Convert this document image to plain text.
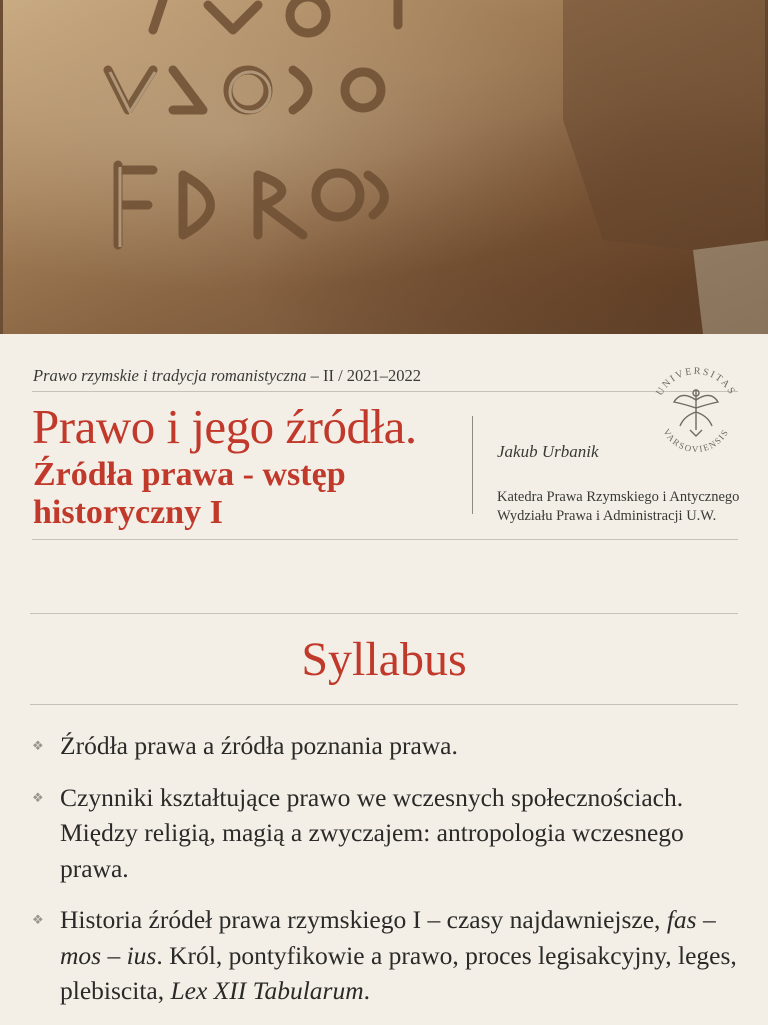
Prawo rzymskie i tradycja romanistyczna – II / 2021–2022
Prawo i jego źródła.
Źródła prawa - wstęp historyczny I
Jakub Urbanik
Katedra Prawa Rzymskiego i Antycznego
Wydziału Prawa i Administracji U.W.
UNIVERSITAS
VARSOVIENSIS
Syllabus
❖ Źródła prawa a źródła poznania prawa.
❖ Czynniki kształtujące prawo we wczesnych społecznościach. Między religią, magią a zwyczajem: antropologia wczesnego prawa.
❖ Historia źródeł prawa rzymskiego I – czasy najdawniejsze, fas – mos – ius. Król, pontyfikowie a prawo, proces legisakcyjny, leges, plebiscita, Lex XII Tabularum.
